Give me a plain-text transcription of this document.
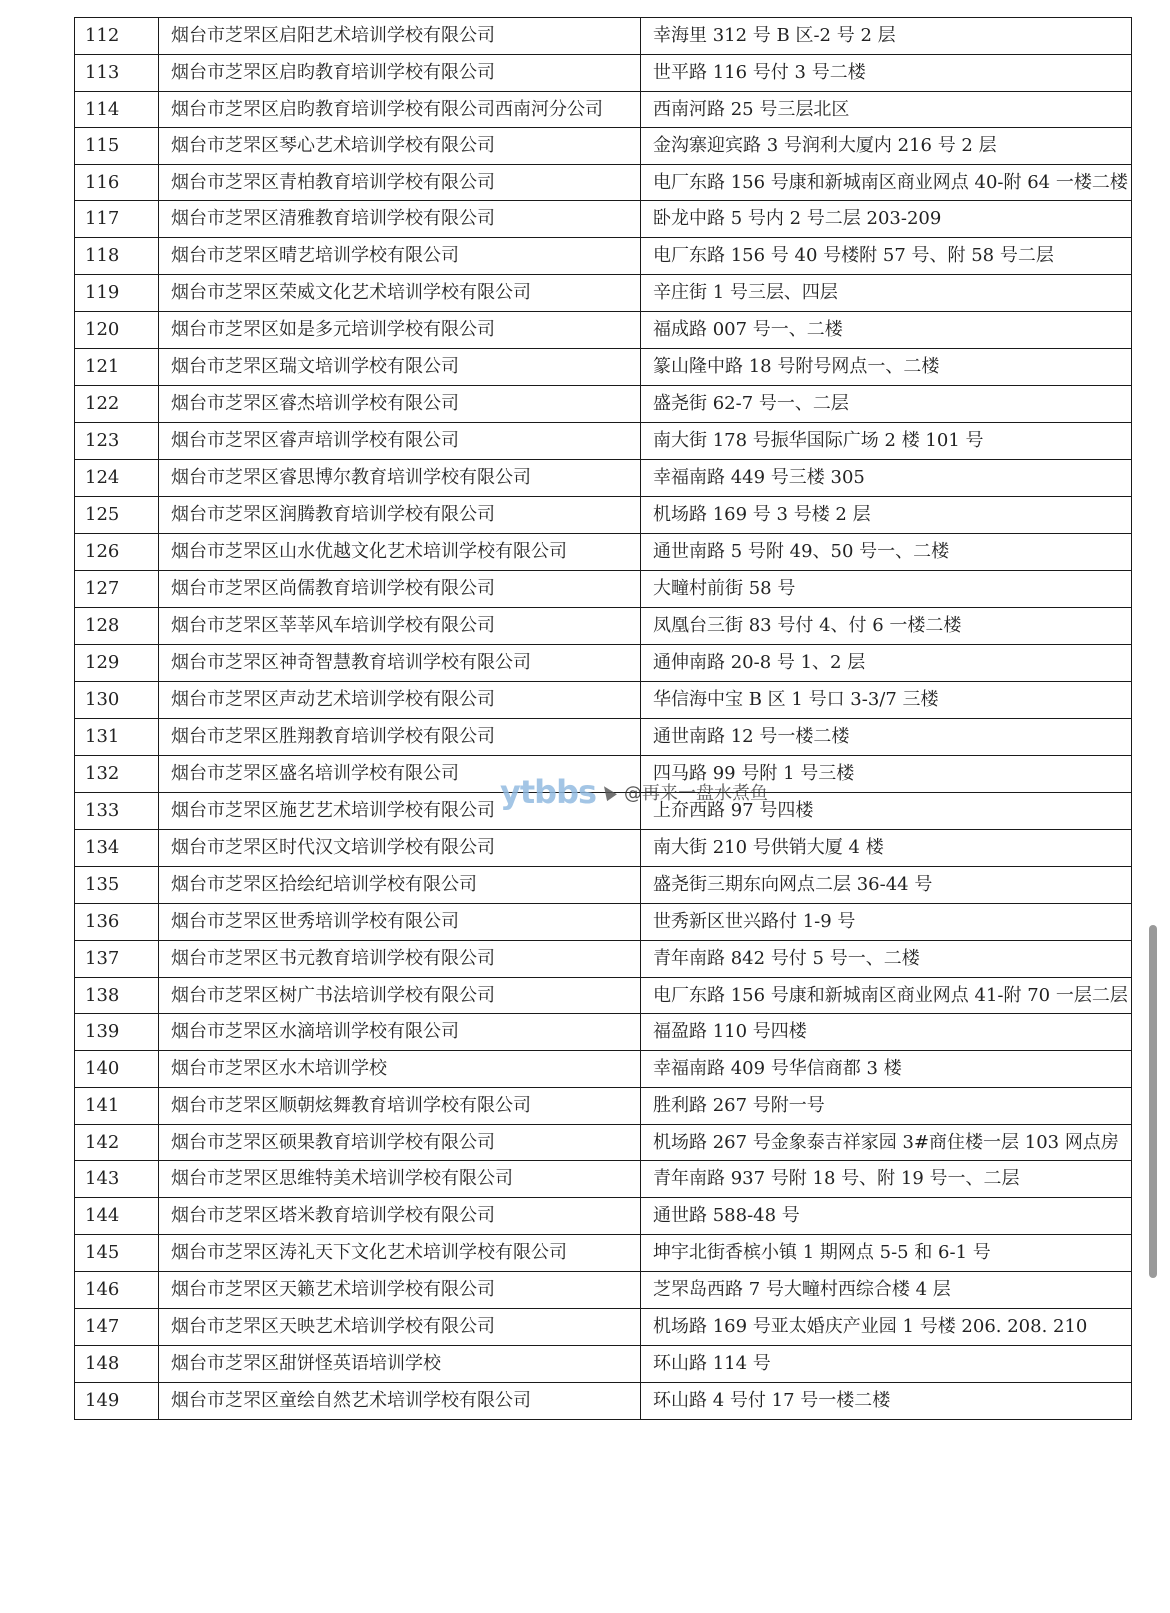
112	烟台市芝罘区启阳艺术培训学校有限公司	幸海里 312 号 B 区-2 号 2 层
113	烟台市芝罘区启昀教育培训学校有限公司	世平路 116 号付 3 号二楼
114	烟台市芝罘区启昀教育培训学校有限公司西南河分公司	西南河路 25 号三层北区
115	烟台市芝罘区琴心艺术培训学校有限公司	金沟寨迎宾路 3 号润利大厦内 216 号 2 层
116	烟台市芝罘区青柏教育培训学校有限公司	电厂东路 156 号康和新城南区商业网点 40-附 64 一楼二楼
117	烟台市芝罘区清雅教育培训学校有限公司	卧龙中路 5 号内 2 号二层 203-209
118	烟台市芝罘区晴艺培训学校有限公司	电厂东路 156 号 40 号楼附 57 号、附 58 号二层
119	烟台市芝罘区荣威文化艺术培训学校有限公司	辛庄街 1 号三层、四层
120	烟台市芝罘区如是多元培训学校有限公司	福成路 007 号一、二楼
121	烟台市芝罘区瑞文培训学校有限公司	篆山隆中路 18 号附号网点一、二楼
122	烟台市芝罘区睿杰培训学校有限公司	盛尧街 62-7 号一、二层
123	烟台市芝罘区睿声培训学校有限公司	南大街 178 号振华国际广场 2 楼 101 号
124	烟台市芝罘区睿思博尔教育培训学校有限公司	幸福南路 449 号三楼 305
125	烟台市芝罘区润腾教育培训学校有限公司	机场路 169 号 3 号楼 2 层
126	烟台市芝罘区山水优越文化艺术培训学校有限公司	通世南路 5 号附 49、50 号一、二楼
127	烟台市芝罘区尚儒教育培训学校有限公司	大疃村前街 58 号
128	烟台市芝罘区莘莘风车培训学校有限公司	凤凰台三街 83 号付 4、付 6 一楼二楼
129	烟台市芝罘区神奇智慧教育培训学校有限公司	通伸南路 20-8 号 1、2 层
130	烟台市芝罘区声动艺术培训学校有限公司	华信海中宝 B 区 1 号口 3-3/7 三楼
131	烟台市芝罘区胜翔教育培训学校有限公司	通世南路 12 号一楼二楼
132	烟台市芝罘区盛名培训学校有限公司	四马路 99 号附 1 号三楼
133	烟台市芝罘区施艺艺术培训学校有限公司	上夼西路 97 号四楼
134	烟台市芝罘区时代汉文培训学校有限公司	南大街 210 号供销大厦 4 楼
135	烟台市芝罘区拾绘纪培训学校有限公司	盛尧街三期东向网点二层 36-44 号
136	烟台市芝罘区世秀培训学校有限公司	世秀新区世兴路付 1-9 号
137	烟台市芝罘区书元教育培训学校有限公司	青年南路 842 号付 5 号一、二楼
138	烟台市芝罘区树广书法培训学校有限公司	电厂东路 156 号康和新城南区商业网点 41-附 70 一层二层
139	烟台市芝罘区水滴培训学校有限公司	福盈路 110 号四楼
140	烟台市芝罘区水木培训学校	幸福南路 409 号华信商都 3 楼
141	烟台市芝罘区顺朝炫舞教育培训学校有限公司	胜利路 267 号附一号
142	烟台市芝罘区硕果教育培训学校有限公司	机场路 267 号金象泰吉祥家园 3#商住楼一层 103 网点房
143	烟台市芝罘区思维特美术培训学校有限公司	青年南路 937 号附 18 号、附 19 号一、二层
144	烟台市芝罘区塔米教育培训学校有限公司	通世路 588-48 号
145	烟台市芝罘区涛礼天下文化艺术培训学校有限公司	坤宇北街香槟小镇 1 期网点 5-5 和 6-1 号
146	烟台市芝罘区天籁艺术培训学校有限公司	芝罘岛西路 7 号大疃村西综合楼 4 层
147	烟台市芝罘区天映艺术培训学校有限公司	机场路 169 号亚太婚庆产业园 1 号楼 206. 208. 210
148	烟台市芝罘区甜饼怪英语培训学校	环山路 114 号
149	烟台市芝罘区童绘自然艺术培训学校有限公司	环山路 4 号付 17 号一楼二楼
ytbbs @再来一盘水煮鱼
